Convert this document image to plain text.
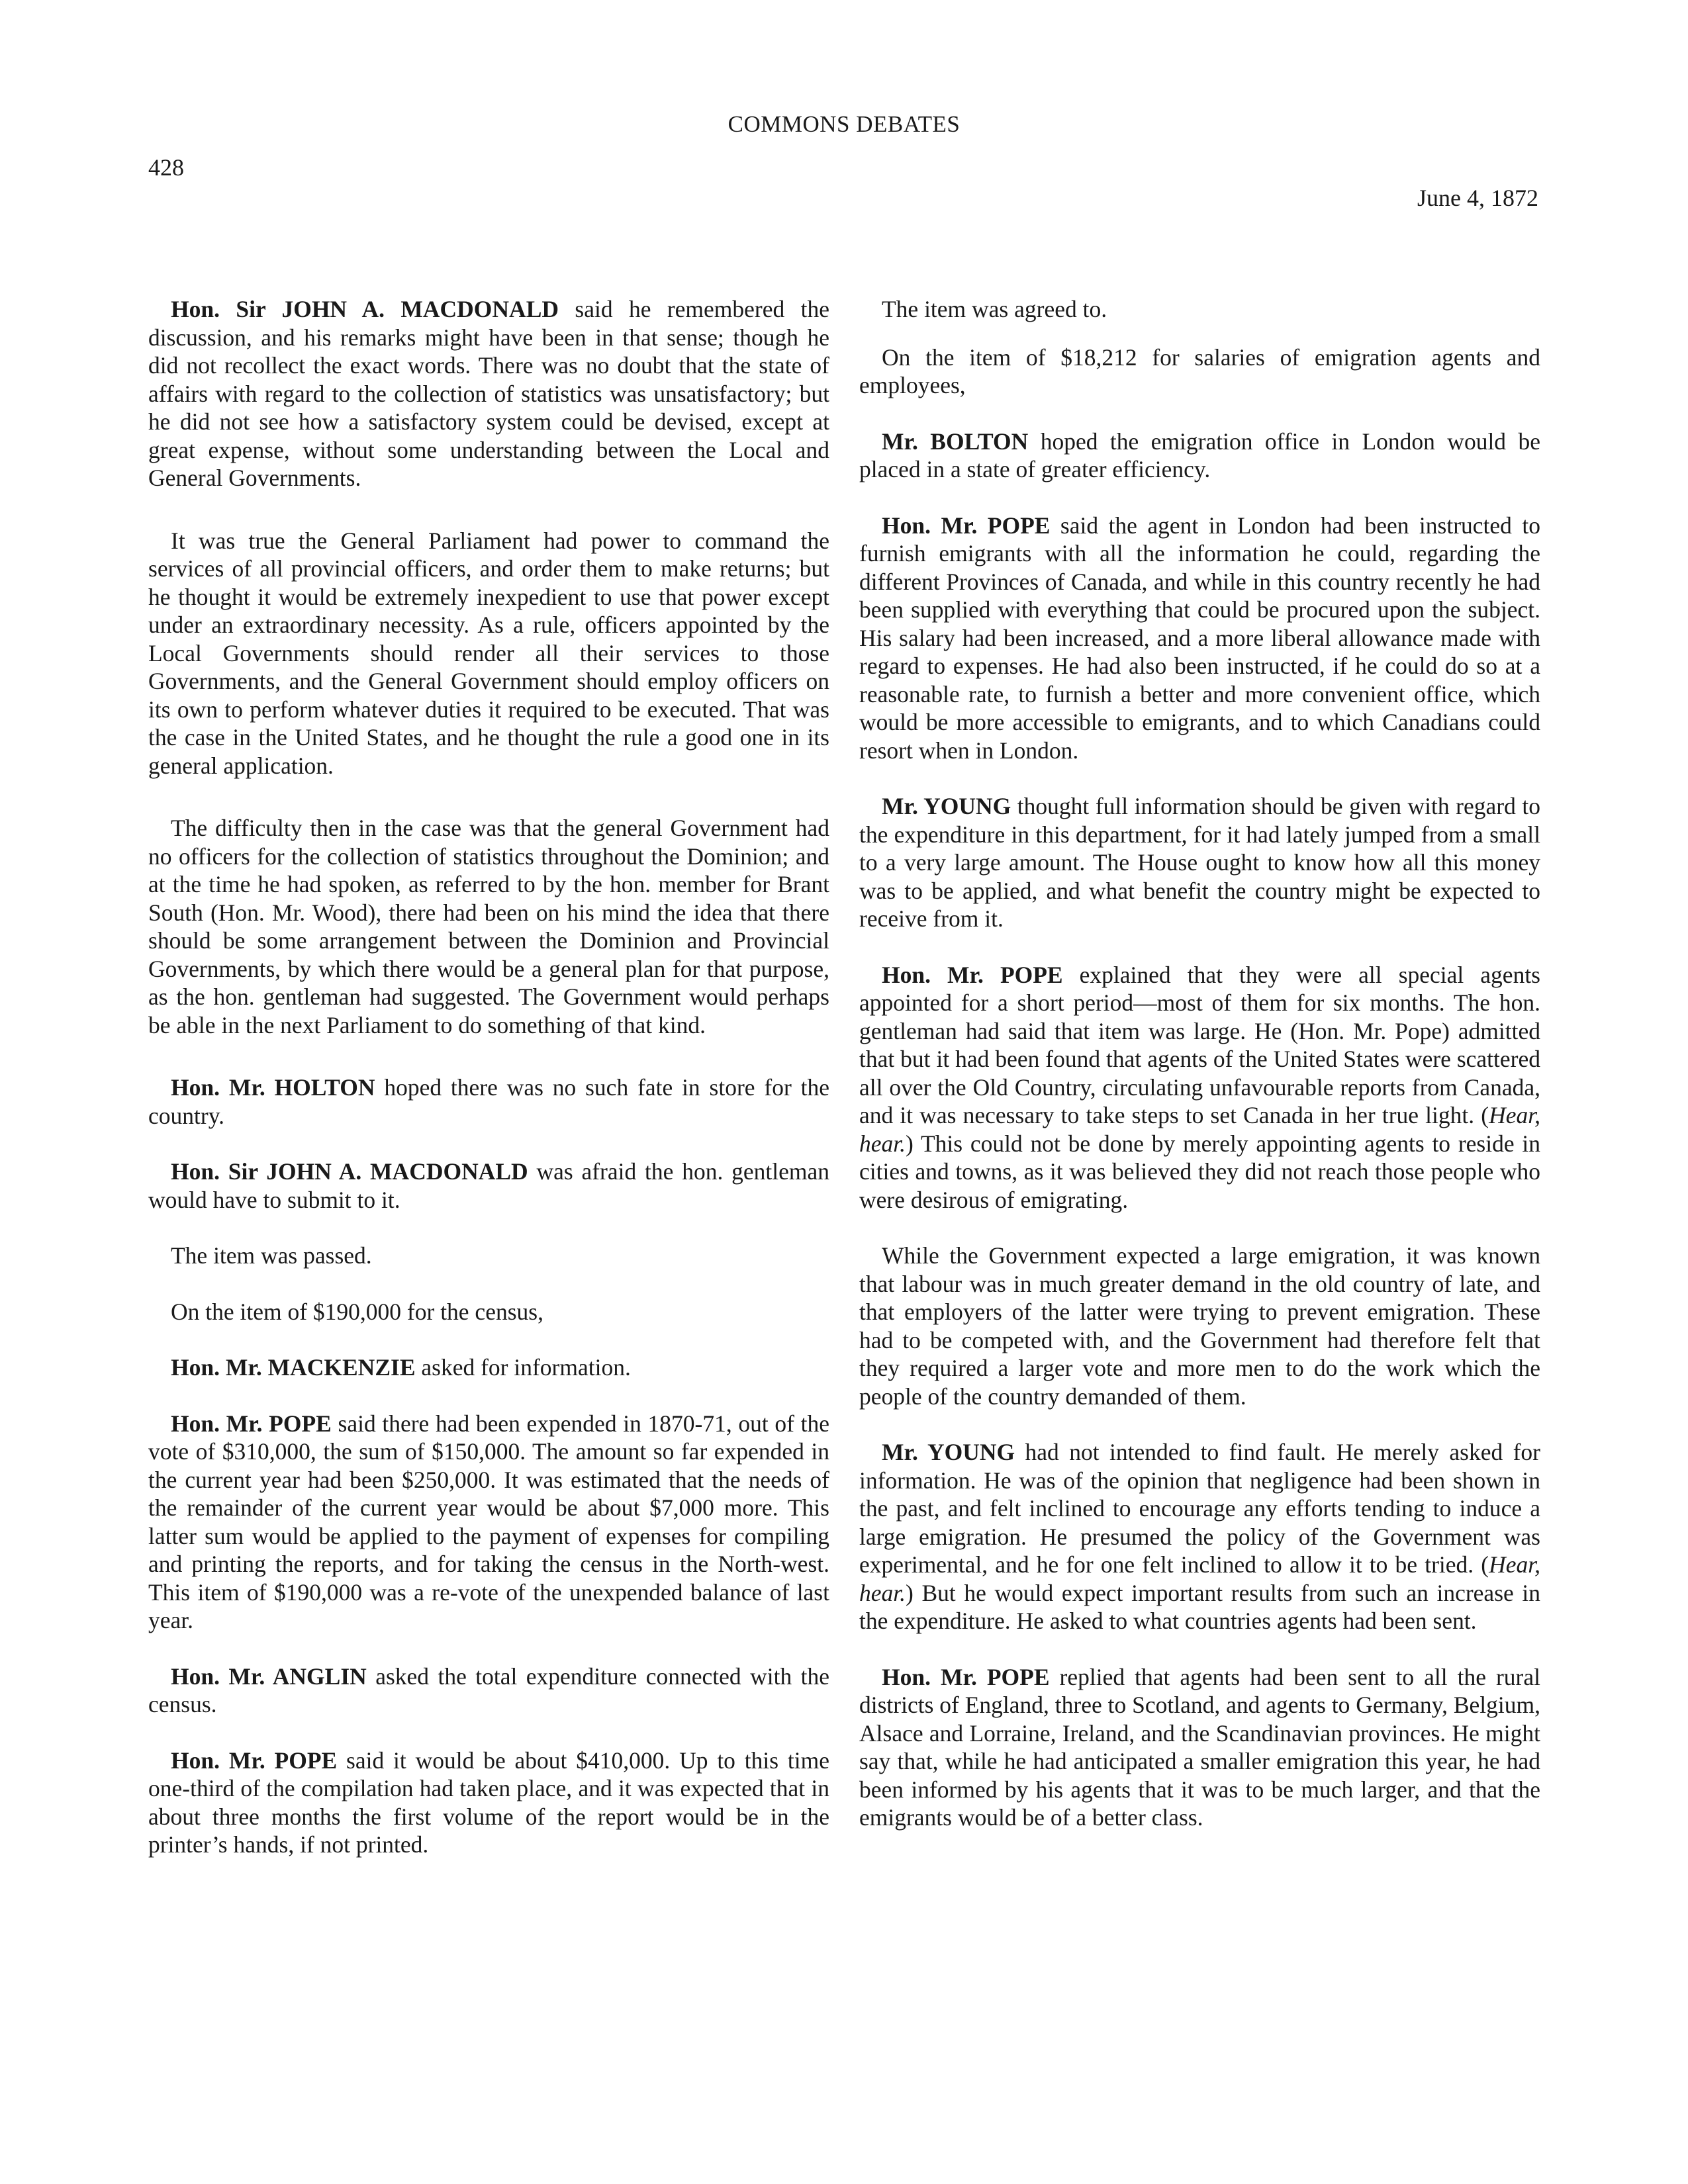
COMMONS DEBATES
428
June 4, 1872

Hon. Sir JOHN A. MACDONALD said he remembered the discussion, and his remarks might have been in that sense; though he did not recollect the exact words. There was no doubt that the state of affairs with regard to the collection of statistics was unsatisfactory; but he did not see how a satisfactory system could be devised, except at great expense, without some understanding between the Local and General Governments.

It was true the General Parliament had power to command the services of all provincial officers, and order them to make returns; but he thought it would be extremely inexpedient to use that power except under an extraordinary necessity. As a rule, officers appointed by the Local Governments should render all their services to those Governments, and the General Government should employ officers on its own to perform whatever duties it required to be executed. That was the case in the United States, and he thought the rule a good one in its general application.

The difficulty then in the case was that the general Government had no officers for the collection of statistics throughout the Dominion; and at the time he had spoken, as referred to by the hon. member for Brant South (Hon. Mr. Wood), there had been on his mind the idea that there should be some arrangement between the Dominion and Provincial Governments, by which there would be a general plan for that purpose, as the hon. gentleman had suggested. The Government would perhaps be able in the next Parliament to do something of that kind.

Hon. Mr. HOLTON hoped there was no such fate in store for the country.

Hon. Sir JOHN A. MACDONALD was afraid the hon. gentleman would have to submit to it.

The item was passed.

On the item of $190,000 for the census,

Hon. Mr. MACKENZIE asked for information.

Hon. Mr. POPE said there had been expended in 1870-71, out of the vote of $310,000, the sum of $150,000. The amount so far expended in the current year had been $250,000. It was estimated that the needs of the remainder of the current year would be about $7,000 more. This latter sum would be applied to the payment of expenses for compiling and printing the reports, and for taking the census in the North-west. This item of $190,000 was a re-vote of the unexpended balance of last year.

Hon. Mr. ANGLIN asked the total expenditure connected with the census.

Hon. Mr. POPE said it would be about $410,000. Up to this time one-third of the compilation had taken place, and it was expected that in about three months the first volume of the report would be in the printer’s hands, if not printed.

The item was agreed to.

On the item of $18,212 for salaries of emigration agents and employees,

Mr. BOLTON hoped the emigration office in London would be placed in a state of greater efficiency.

Hon. Mr. POPE said the agent in London had been instructed to furnish emigrants with all the information he could, regarding the different Provinces of Canada, and while in this country recently he had been supplied with everything that could be procured upon the subject. His salary had been increased, and a more liberal allowance made with regard to expenses. He had also been instructed, if he could do so at a reasonable rate, to furnish a better and more convenient office, which would be more accessible to emigrants, and to which Canadians could resort when in London.

Mr. YOUNG thought full information should be given with regard to the expenditure in this department, for it had lately jumped from a small to a very large amount. The House ought to know how all this money was to be applied, and what benefit the country might be expected to receive from it.

Hon. Mr. POPE explained that they were all special agents appointed for a short period—most of them for six months. The hon. gentleman had said that item was large. He (Hon. Mr. Pope) admitted that but it had been found that agents of the United States were scattered all over the Old Country, circulating unfavourable reports from Canada, and it was necessary to take steps to set Canada in her true light. (Hear, hear.) This could not be done by merely appointing agents to reside in cities and towns, as it was believed they did not reach those people who were desirous of emigrating.

While the Government expected a large emigration, it was known that labour was in much greater demand in the old country of late, and that employers of the latter were trying to prevent emigration. These had to be competed with, and the Government had therefore felt that they required a larger vote and more men to do the work which the people of the country demanded of them.

Mr. YOUNG had not intended to find fault. He merely asked for information. He was of the opinion that negligence had been shown in the past, and felt inclined to encourage any efforts tending to induce a large emigration. He presumed the policy of the Government was experimental, and he for one felt inclined to allow it to be tried. (Hear, hear.) But he would expect important results from such an increase in the expenditure. He asked to what countries agents had been sent.

Hon. Mr. POPE replied that agents had been sent to all the rural districts of England, three to Scotland, and agents to Germany, Belgium, Alsace and Lorraine, Ireland, and the Scandinavian provinces. He might say that, while he had anticipated a smaller emigration this year, he had been informed by his agents that it was to be much larger, and that the emigrants would be of a better class.
